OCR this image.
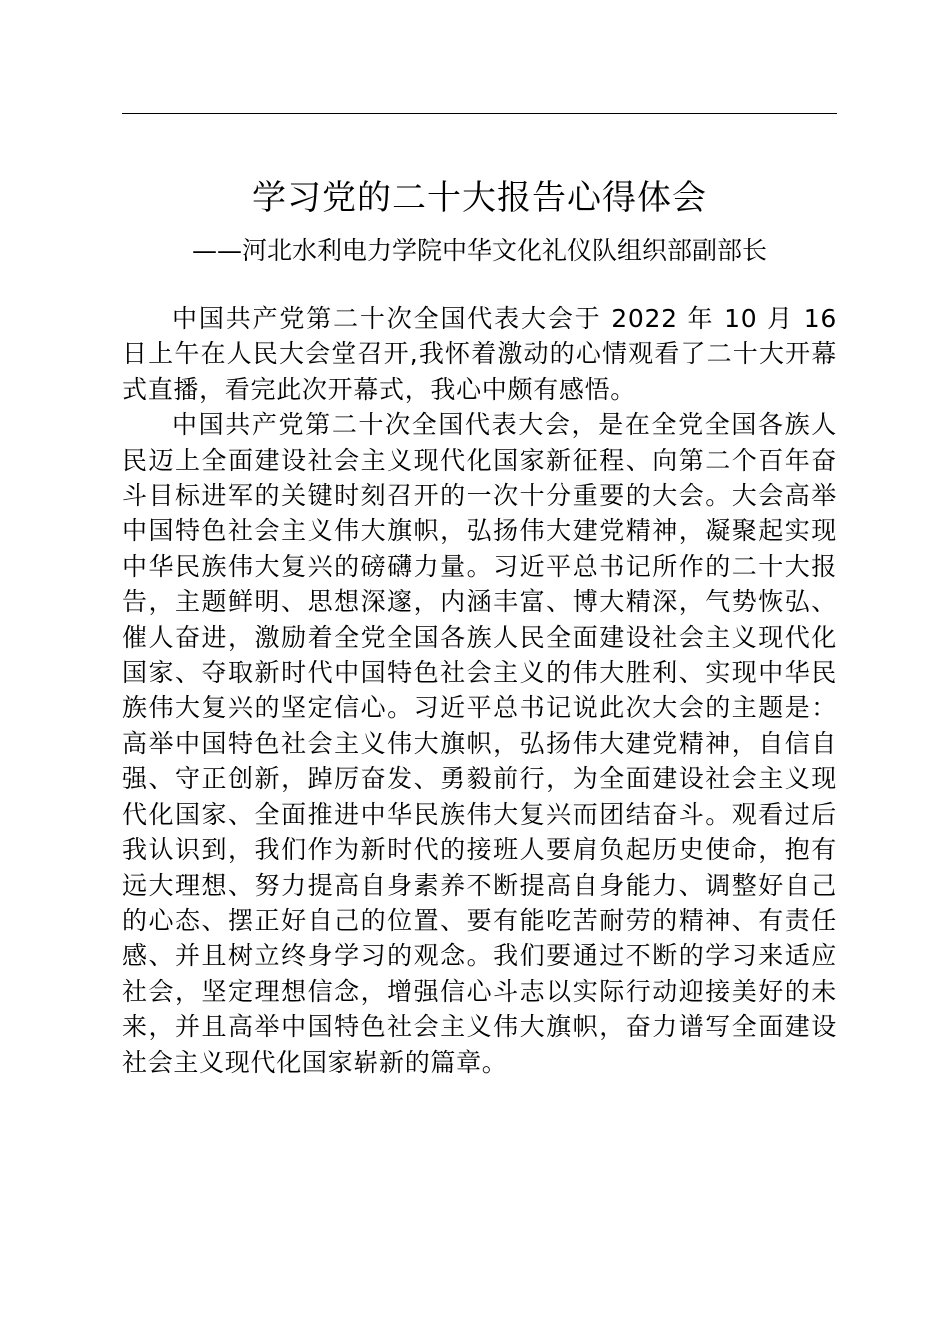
学习党的二十大报告心得体会
——河北水利电力学院中华文化礼仪队组织部副部长

中国共产党第二十次全国代表大会于 2022 年 10 月 16 日上午在人民大会堂召开,我怀着激动的心情观看了二十大开幕式直播，看完此次开幕式，我心中颇有感悟。

中国共产党第二十次全国代表大会，是在全党全国各族人民迈上全面建设社会主义现代化国家新征程、向第二个百年奋斗目标进军的关键时刻召开的一次十分重要的大会。大会高举中国特色社会主义伟大旗帜，弘扬伟大建党精神，凝聚起实现中华民族伟大复兴的磅礴力量。习近平总书记所作的二十大报告，主题鲜明、思想深邃，内涵丰富、博大精深，气势恢弘、催人奋进，激励着全党全国各族人民全面建设社会主义现代化国家、夺取新时代中国特色社会主义的伟大胜利、实现中华民族伟大复兴的坚定信心。习近平总书记说此次大会的主题是：高举中国特色社会主义伟大旗帜，弘扬伟大建党精神，自信自强、守正创新，踔厉奋发、勇毅前行，为全面建设社会主义现代化国家、全面推进中华民族伟大复兴而团结奋斗。观看过后我认识到，我们作为新时代的接班人要肩负起历史使命，抱有远大理想、努力提高自身素养不断提高自身能力、调整好自己的心态、摆正好自己的位置、要有能吃苦耐劳的精神、有责任感、并且树立终身学习的观念。我们要通过不断的学习来适应社会，坚定理想信念，增强信心斗志以实际行动迎接美好的未来，并且高举中国特色社会主义伟大旗帜，奋力谱写全面建设社会主义现代化国家崭新的篇章。
